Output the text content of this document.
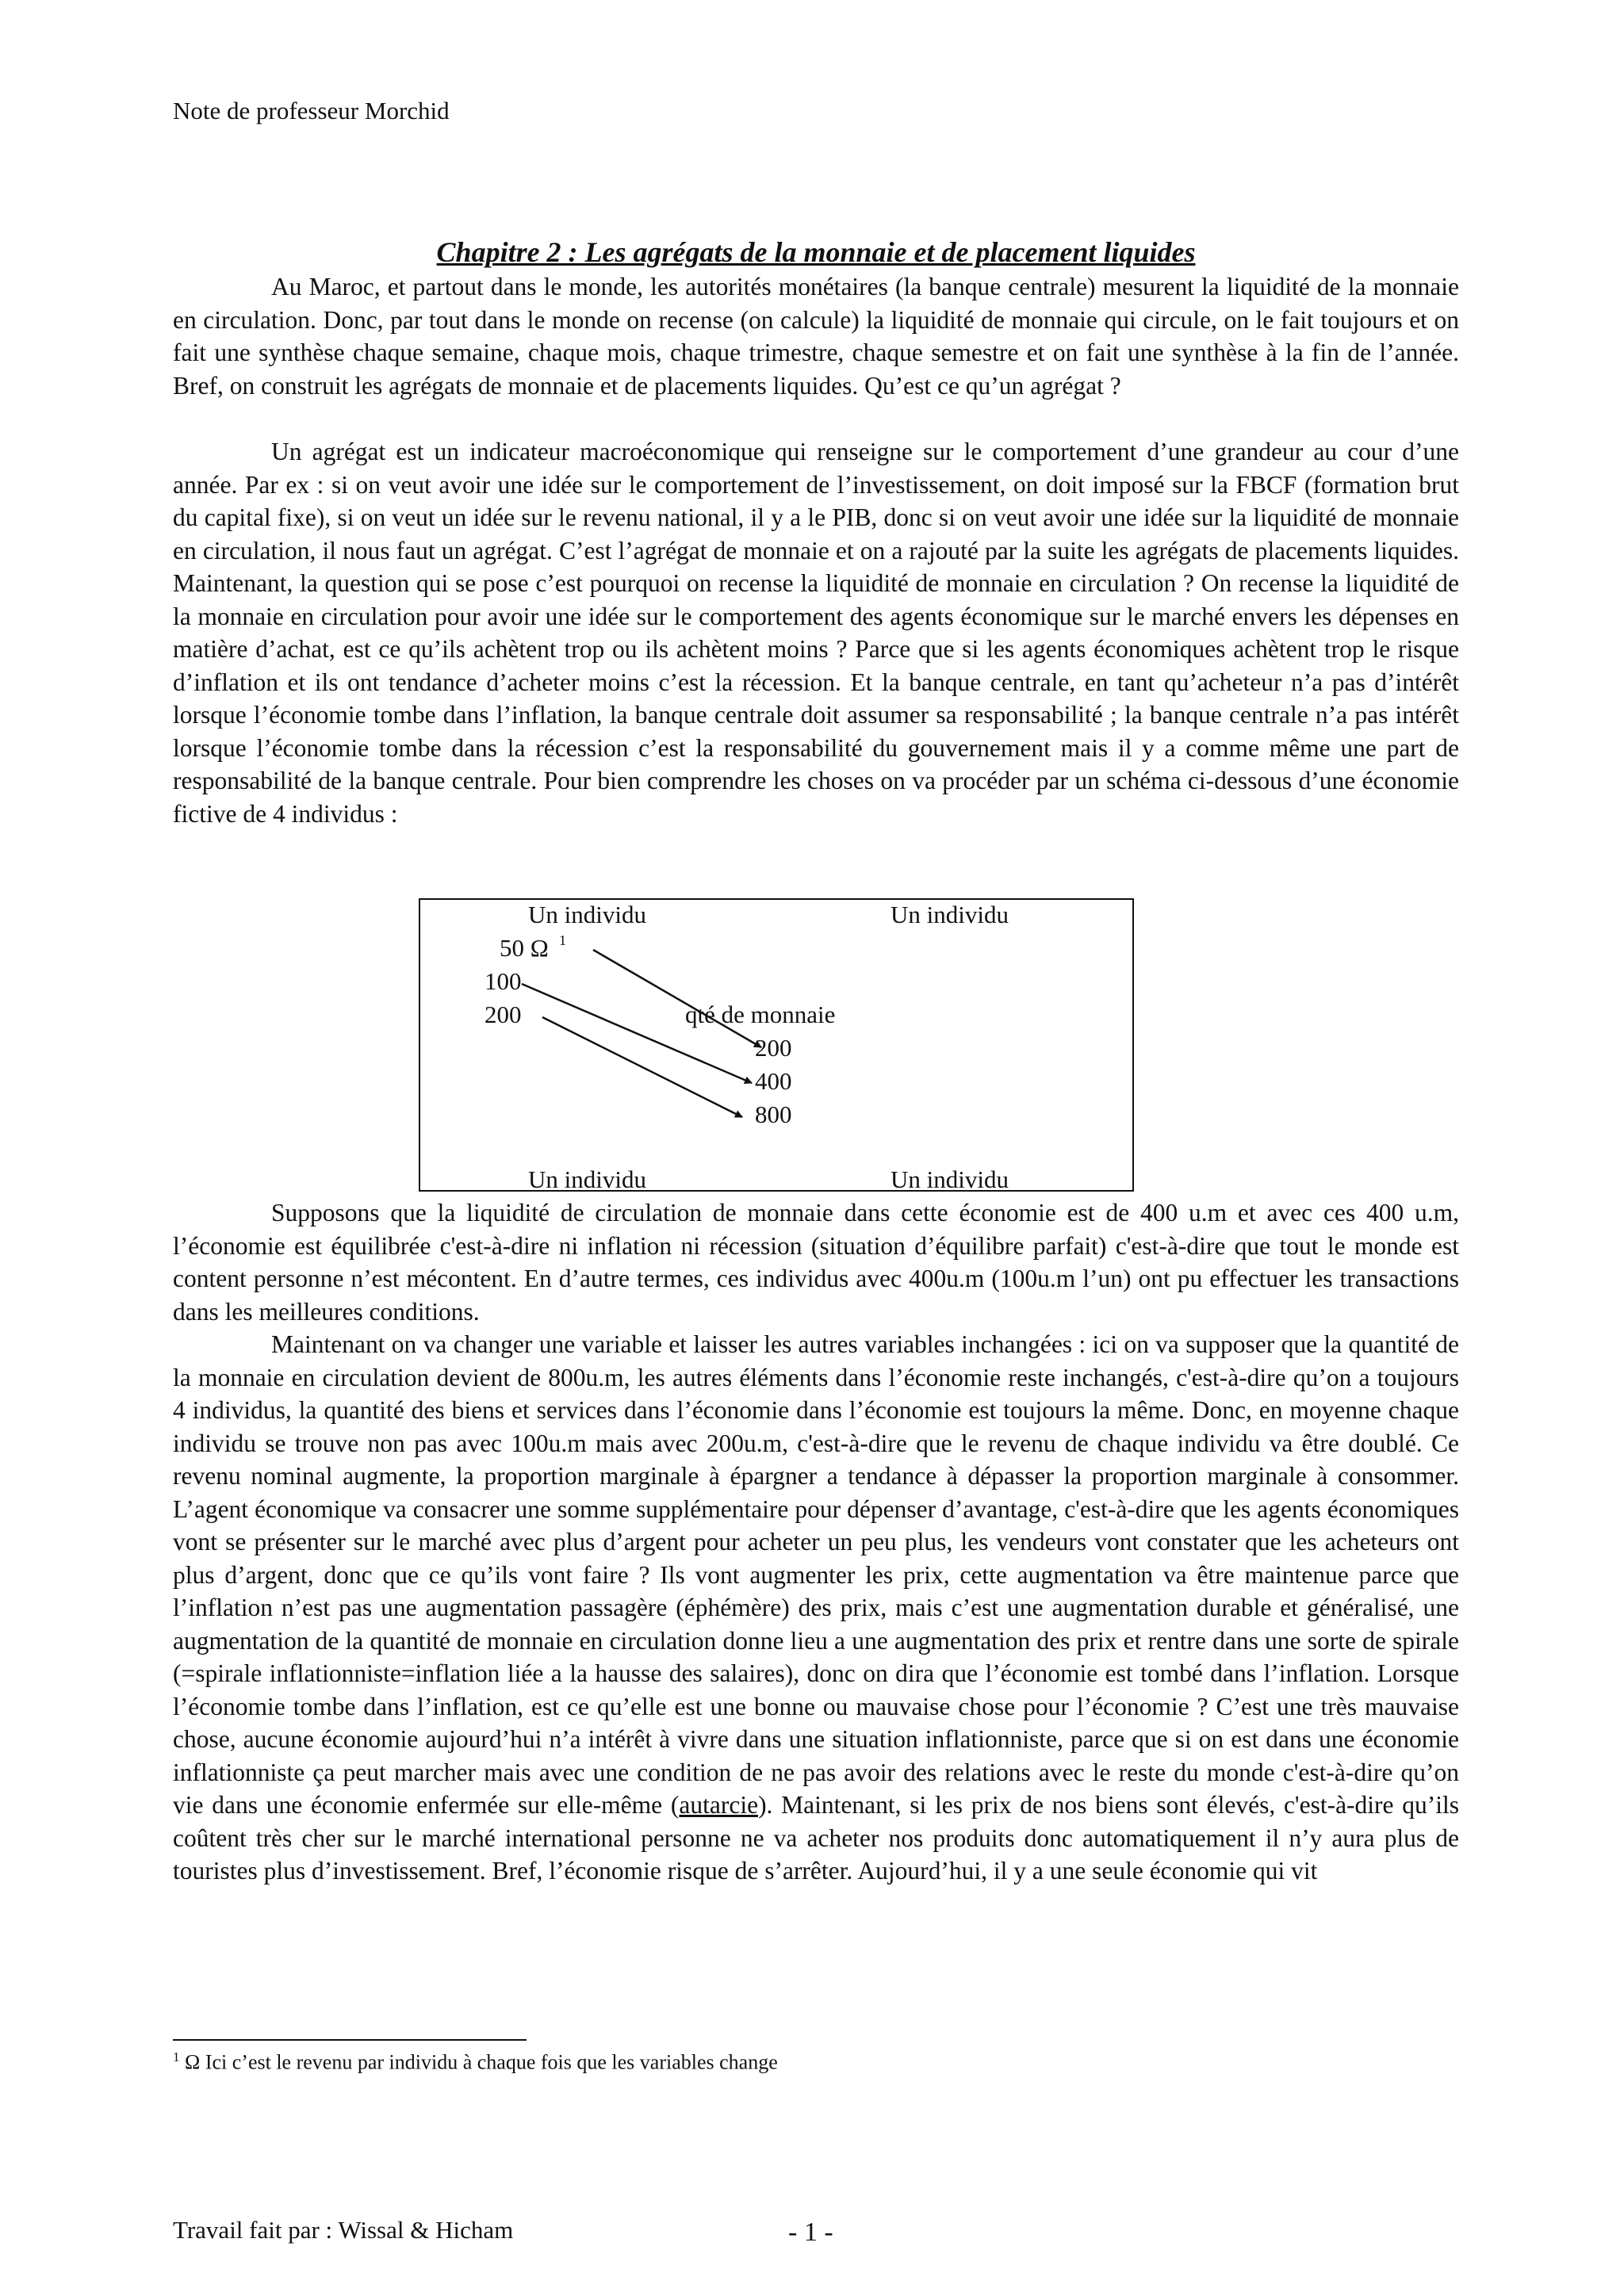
Note de professeur Morchid
Chapitre 2 : Les agrégats de la monnaie et de placement liquides

Au Maroc, et partout dans le monde, les autorités monétaires (la banque centrale) mesurent la liquidité de la monnaie en circulation. Donc, par tout dans le monde on recense (on calcule) la liquidité de monnaie qui circule, on le fait toujours et on fait une synthèse chaque semaine, chaque mois, chaque trimestre, chaque semestre et on fait une synthèse à la fin de l’année. Bref, on construit les agrégats de monnaie et de placements liquides. Qu’est ce qu’un agrégat ?

Un agrégat est un indicateur macroéconomique qui renseigne sur le comportement d’une grandeur au cour d’une année. Par ex : si on veut avoir une idée sur le comportement de l’investissement, on doit imposé sur la FBCF (formation brut du capital fixe), si on veut un idée sur le revenu national, il y a le PIB, donc si on veut avoir une idée sur la liquidité de monnaie en circulation, il nous faut un agrégat. C’est l’agrégat de monnaie et on a rajouté par la suite les agrégats de placements liquides. Maintenant, la question qui se pose c’est pourquoi on recense la liquidité de monnaie en circulation ? On recense la liquidité de la monnaie en circulation pour avoir une idée sur le comportement des agents économique sur le marché envers les dépenses en matière d’achat, est ce qu’ils achètent trop ou ils achètent moins ? Parce que si les agents économiques achètent trop le risque d’inflation et ils ont tendance d’acheter moins c’est la récession. Et la banque centrale, en tant qu’acheteur n’a pas d’intérêt lorsque l’économie tombe dans l’inflation, la banque centrale doit assumer sa responsabilité ; la banque centrale n’a pas intérêt lorsque l’économie tombe dans la récession c’est la responsabilité du gouvernement mais il y a comme même une part de responsabilité de la banque centrale. Pour bien comprendre les choses on va procéder par un schéma ci-dessous d’une économie fictive de 4 individus :

Un individu	Un individu
Un individu	Un individu
50 Ω 1
100
200	qté de monnaie
200
400
800

Supposons que la liquidité de circulation de monnaie dans cette économie est de 400 u.m et avec ces 400 u.m, l’économie est équilibrée c'est-à-dire ni inflation ni récession (situation d’équilibre parfait) c'est-à-dire que tout le monde est content personne n’est mécontent. En d’autre termes, ces individus avec 400u.m (100u.m l’un) ont pu effectuer les transactions dans les meilleures conditions.

Maintenant on va changer une variable et laisser les autres variables inchangées : ici on va supposer que la quantité de la monnaie en circulation devient de 800u.m, les autres éléments dans l’économie reste inchangés, c'est-à-dire qu’on a toujours 4 individus, la quantité des biens et services dans l’économie dans l’économie est toujours la même. Donc, en moyenne chaque individu se trouve non pas avec 100u.m mais avec 200u.m, c'est-à-dire que le revenu de chaque individu va être doublé. Ce revenu nominal augmente, la proportion marginale à épargner a tendance à dépasser la proportion marginale à consommer. L’agent économique va consacrer une somme supplémentaire pour dépenser d’avantage, c'est-à-dire que les agents économiques vont se présenter sur le marché avec plus d’argent pour acheter un peu plus, les vendeurs vont constater que les acheteurs ont plus d’argent, donc que ce qu’ils vont faire ? Ils vont augmenter les prix, cette augmentation va être maintenue parce que l’inflation n’est pas une augmentation passagère (éphémère) des prix, mais c’est une augmentation durable et généralisé, une augmentation de la quantité de monnaie en circulation donne lieu a une augmentation des prix et rentre dans une sorte de spirale (=spirale inflationniste=inflation liée a la hausse des salaires), donc on dira que l’économie est tombé dans l’inflation. Lorsque l’économie tombe dans l’inflation, est ce qu’elle est une bonne ou mauvaise chose pour l’économie ? C’est une très mauvaise chose, aucune économie aujourd’hui n’a intérêt à vivre dans une situation inflationniste, parce que si on est dans une économie inflationniste ça peut marcher mais avec une condition de ne pas avoir des relations avec le reste du monde c'est-à-dire qu’on vie dans une économie enfermée sur elle-même (autarcie). Maintenant, si les prix de nos biens sont élevés, c'est-à-dire qu’ils coûtent très cher sur le marché international personne ne va acheter nos produits donc automatiquement il n’y aura plus de touristes plus d’investissement. Bref, l’économie risque de s’arrêter. Aujourd’hui, il y a une seule économie qui vit

$^1$ Ω Ici c’est le revenu par individu à chaque fois que les variables change
Travail fait par : Wissal & Hicham	- 1 -
